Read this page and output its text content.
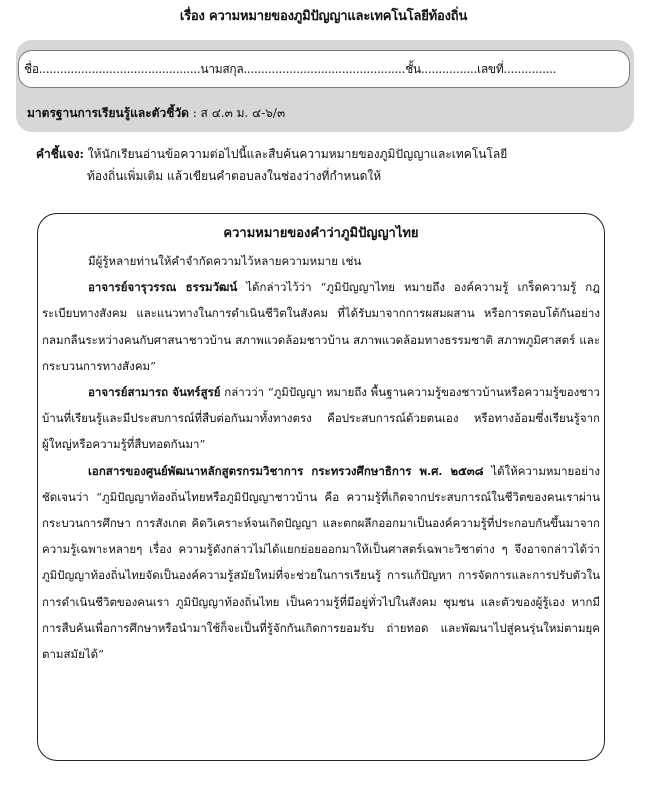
เรื่อง ความหมายของภูมิปัญญาและเทคโนโลยีท้องถิ่น
ชื่อ..............................................นามสกุล..............................................ชั้น................เลขที่...............
มาตรฐานการเรียนรู้และตัวชี้วัด : ส ๔.๓ ม. ๔-๖/๓
คำชี้แจง: ให้นักเรียนอ่านข้อความต่อไปนี้และสืบค้นความหมายของภูมิปัญญาและเทคโนโลยี
ท้องถิ่นเพิ่มเติม แล้วเขียนคำตอบลงในช่องว่างที่กำหนดให้
ความหมายของคำว่าภูมิปัญญาไทย

มีผู้รู้หลายท่านให้คำจำกัดความไว้หลายความหมาย เช่น

อาจารย์จารุวรรณ ธรรมวัฒน์ ได้กล่าวไว้ว่า “ภูมิปัญญาไทย หมายถึง องค์ความรู้ เกร็ดความรู้ กฎระเบียบทางสังคม และแนวทางในการดำเนินชีวิตในสังคม ที่ได้รับมาจากการผสมผสาน หรือการตอบโต้กันอย่างกลมกลืนระหว่างคนกับศาสนาชาวบ้าน สภาพแวดล้อมชาวบ้าน สภาพแวดล้อมทางธรรมชาติ สภาพภูมิศาสตร์ และกระบวนการทางสังคม”

อาจารย์สามารถ จันทร์สูรย์ กล่าวว่า “ภูมิปัญญา หมายถึง พื้นฐานความรู้ของชาวบ้านหรือความรู้ของชาวบ้านที่เรียนรู้และมีประสบการณ์ที่สืบต่อกันมาทั้งทางตรง คือประสบการณ์ด้วยตนเอง หรือทางอ้อมซึ่งเรียนรู้จากผู้ใหญ่หรือความรู้ที่สืบทอดกันมา”

เอกสารของศูนย์พัฒนาหลักสูตรกรมวิชาการ กระทรวงศึกษาธิการ พ.ศ. ๒๕๓๘ ได้ให้ความหมายอย่างชัดเจนว่า “ภูมิปัญญาท้องถิ่นไทยหรือภูมิปัญญาชาวบ้าน คือ ความรู้ที่เกิดจากประสบการณ์ในชีวิตของคนเราผ่านกระบวนการศึกษา การสังเกต คิดวิเคราะห์จนเกิดปัญญา และตกผลึกออกมาเป็นองค์ความรู้ที่ประกอบกันขึ้นมาจากความรู้เฉพาะหลายๆ เรื่อง ความรู้ดังกล่าวไม่ได้แยกย่อยออกมาให้เป็นศาสตร์เฉพาะวิชาต่าง ๆ จึงอาจกล่าวได้ว่าภูมิปัญญาท้องถิ่นไทยจัดเป็นองค์ความรู้สมัยใหม่ที่จะช่วยในการเรียนรู้ การแก้ปัญหา การจัดการและการปรับตัวในการดำเนินชีวิตของคนเรา ภูมิปัญญาท้องถิ่นไทย เป็นความรู้ที่มีอยู่ทั่วไปในสังคม ชุมชน และตัวของผู้รู้เอง หากมีการสืบค้นเพื่อการศึกษาหรือนำมาใช้ก็จะเป็นที่รู้จักกันเกิดการยอมรับ ถ่ายทอด และพัฒนาไปสู่คนรุ่นใหม่ตามยุคตามสมัยได้”
